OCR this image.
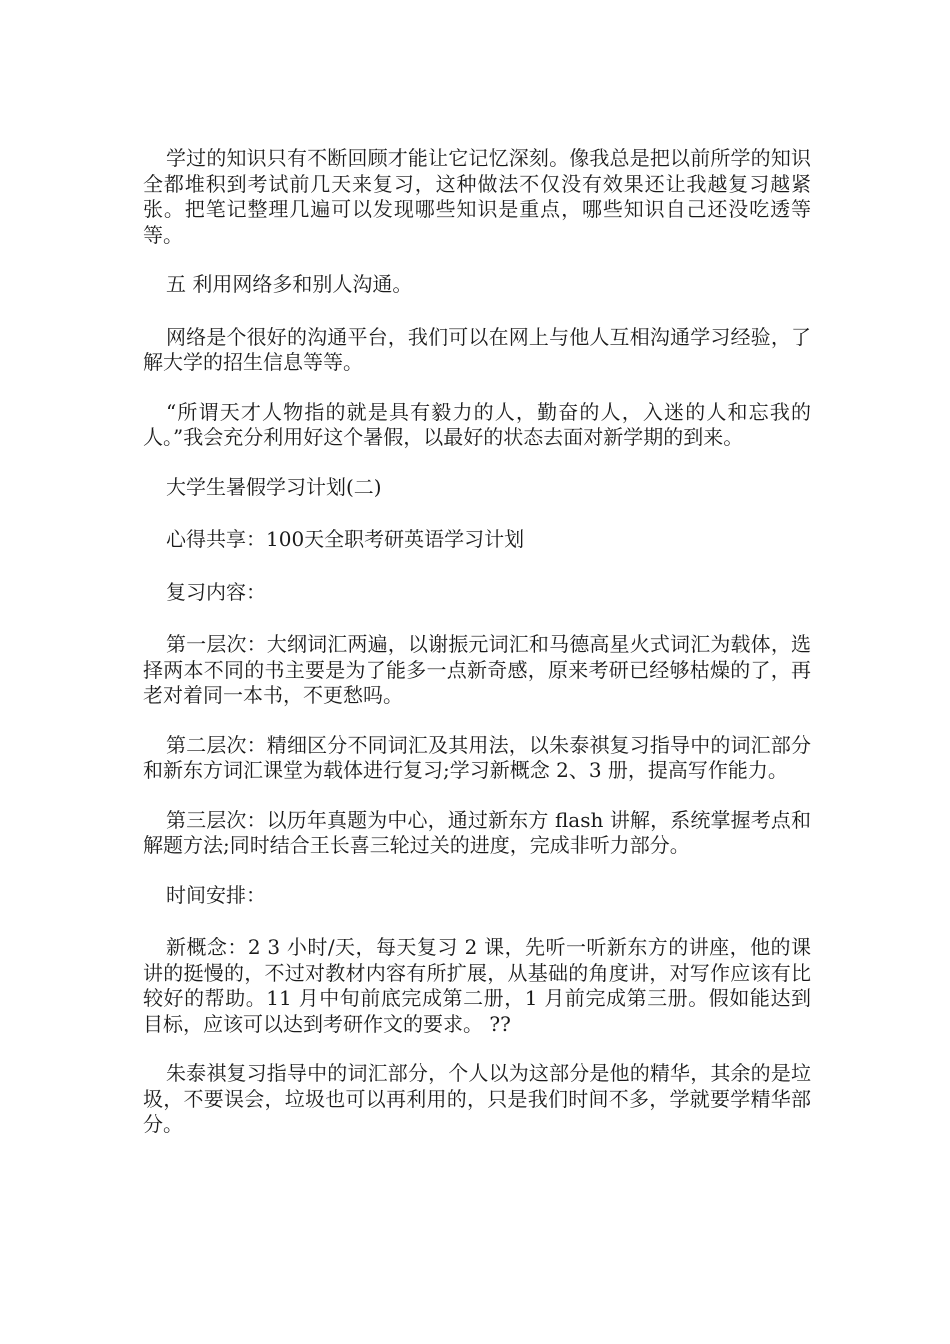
学过的知识只有不断回顾才能让它记忆深刻。像我总是把以前所学的知识全都堆积到考试前几天来复习，这种做法不仅没有效果还让我越复习越紧张。把笔记整理几遍可以发现哪些知识是重点，哪些知识自己还没吃透等等。

五 利用网络多和别人沟通。

网络是个很好的沟通平台，我们可以在网上与他人互相沟通学习经验，了解大学的招生信息等等。

“所谓天才人物指的就是具有毅力的人，勤奋的人，入迷的人和忘我的人。”我会充分利用好这个暑假，以最好的状态去面对新学期的到来。

大学生暑假学习计划(二)

心得共享：100天全职考研英语学习计划

复习内容：

第一层次：大纲词汇两遍，以谢振元词汇和马德高星火式词汇为载体，选择两本不同的书主要是为了能多一点新奇感，原来考研已经够枯燥的了，再老对着同一本书，不更愁吗。

第二层次：精细区分不同词汇及其用法，以朱泰祺复习指导中的词汇部分和新东方词汇课堂为载体进行复习;学习新概念 2、3 册，提高写作能力。

第三层次：以历年真题为中心，通过新东方 flash 讲解，系统掌握考点和解题方法;同时结合王长喜三轮过关的进度，完成非听力部分。

时间安排：

新概念：2 3 小时/天，每天复习 2 课，先听一听新东方的讲座，他的课讲的挺慢的，不过对教材内容有所扩展，从基础的角度讲，对写作应该有比较好的帮助。11 月中旬前底完成第二册，1 月前完成第三册。假如能达到目标，应该可以达到考研作文的要求。 ??

朱泰祺复习指导中的词汇部分，个人以为这部分是他的精华，其余的是垃圾，不要误会，垃圾也可以再利用的，只是我们时间不多，学就要学精华部分。
